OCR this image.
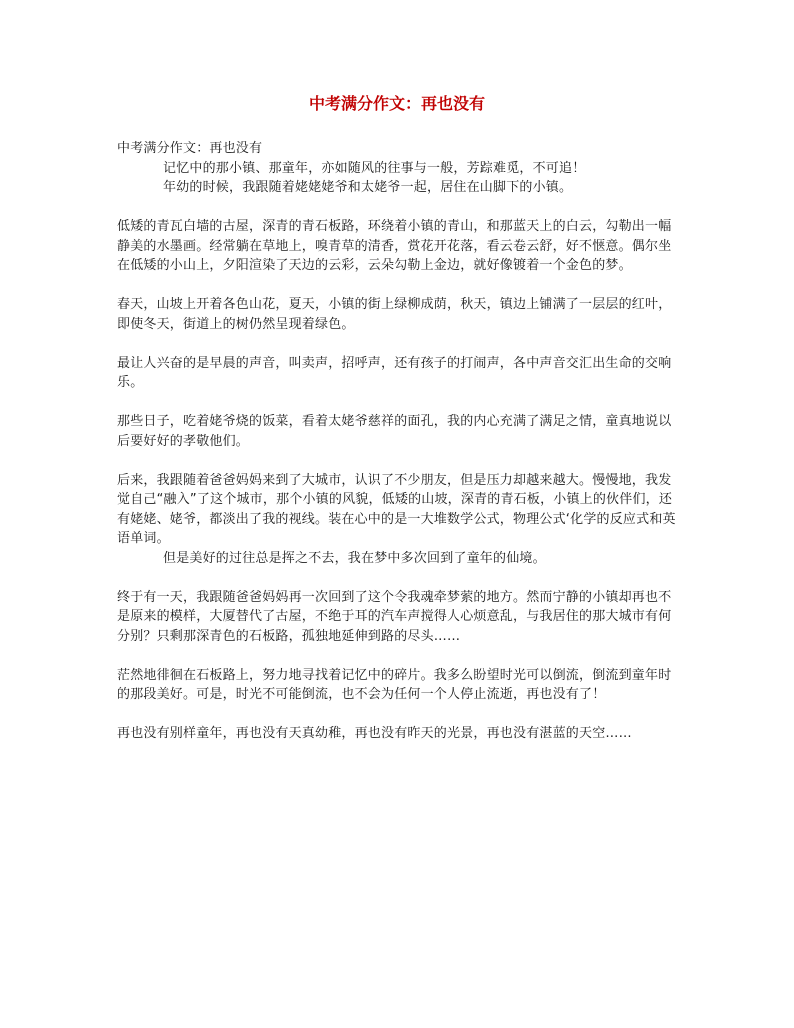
中考满分作文：再也没有

中考满分作文：再也没有

记忆中的那小镇、那童年，亦如随风的往事与一般，芳踪难觅，不可追！

年幼的时候，我跟随着姥姥姥爷和太姥爷一起，居住在山脚下的小镇。

低矮的青瓦白墙的古屋，深青的青石板路，环绕着小镇的青山，和那蓝天上的白云，勾勒出一幅静美的水墨画。经常躺在草地上，嗅青草的清香，赏花开花落，看云卷云舒，好不惬意。偶尔坐在低矮的小山上，夕阳渲染了天边的云彩，云朵勾勒上金边，就好像镀着一个金色的梦。

春天，山坡上开着各色山花，夏天，小镇的街上绿柳成荫，秋天，镇边上铺满了一层层的红叶，即使冬天，街道上的树仍然呈现着绿色。

最让人兴奋的是早晨的声音，叫卖声，招呼声，还有孩子的打闹声，各中声音交汇出生命的交响乐。

那些日子，吃着姥爷烧的饭菜，看着太姥爷慈祥的面孔，我的内心充满了满足之情，童真地说以后要好好的孝敬他们。

后来，我跟随着爸爸妈妈来到了大城市，认识了不少朋友，但是压力却越来越大。慢慢地，我发觉自己“融入”了这个城市，那个小镇的风貌，低矮的山坡，深青的青石板，小镇上的伙伴们，还有姥姥、姥爷，都淡出了我的视线。装在心中的是一大堆数学公式，物理公式‘化学的反应式和英语单词。

但是美好的过往总是挥之不去，我在梦中多次回到了童年的仙境。

终于有一天，我跟随爸爸妈妈再一次回到了这个令我魂牵梦萦的地方。然而宁静的小镇却再也不是原来的模样，大厦替代了古屋，不绝于耳的汽车声搅得人心烦意乱，与我居住的那大城市有何分别？只剩那深青色的石板路，孤独地延伸到路的尽头……

茫然地徘徊在石板路上，努力地寻找着记忆中的碎片。我多么盼望时光可以倒流，倒流到童年时的那段美好。可是，时光不可能倒流，也不会为任何一个人停止流逝，再也没有了！

再也没有别样童年，再也没有天真幼稚，再也没有昨天的光景，再也没有湛蓝的天空……
